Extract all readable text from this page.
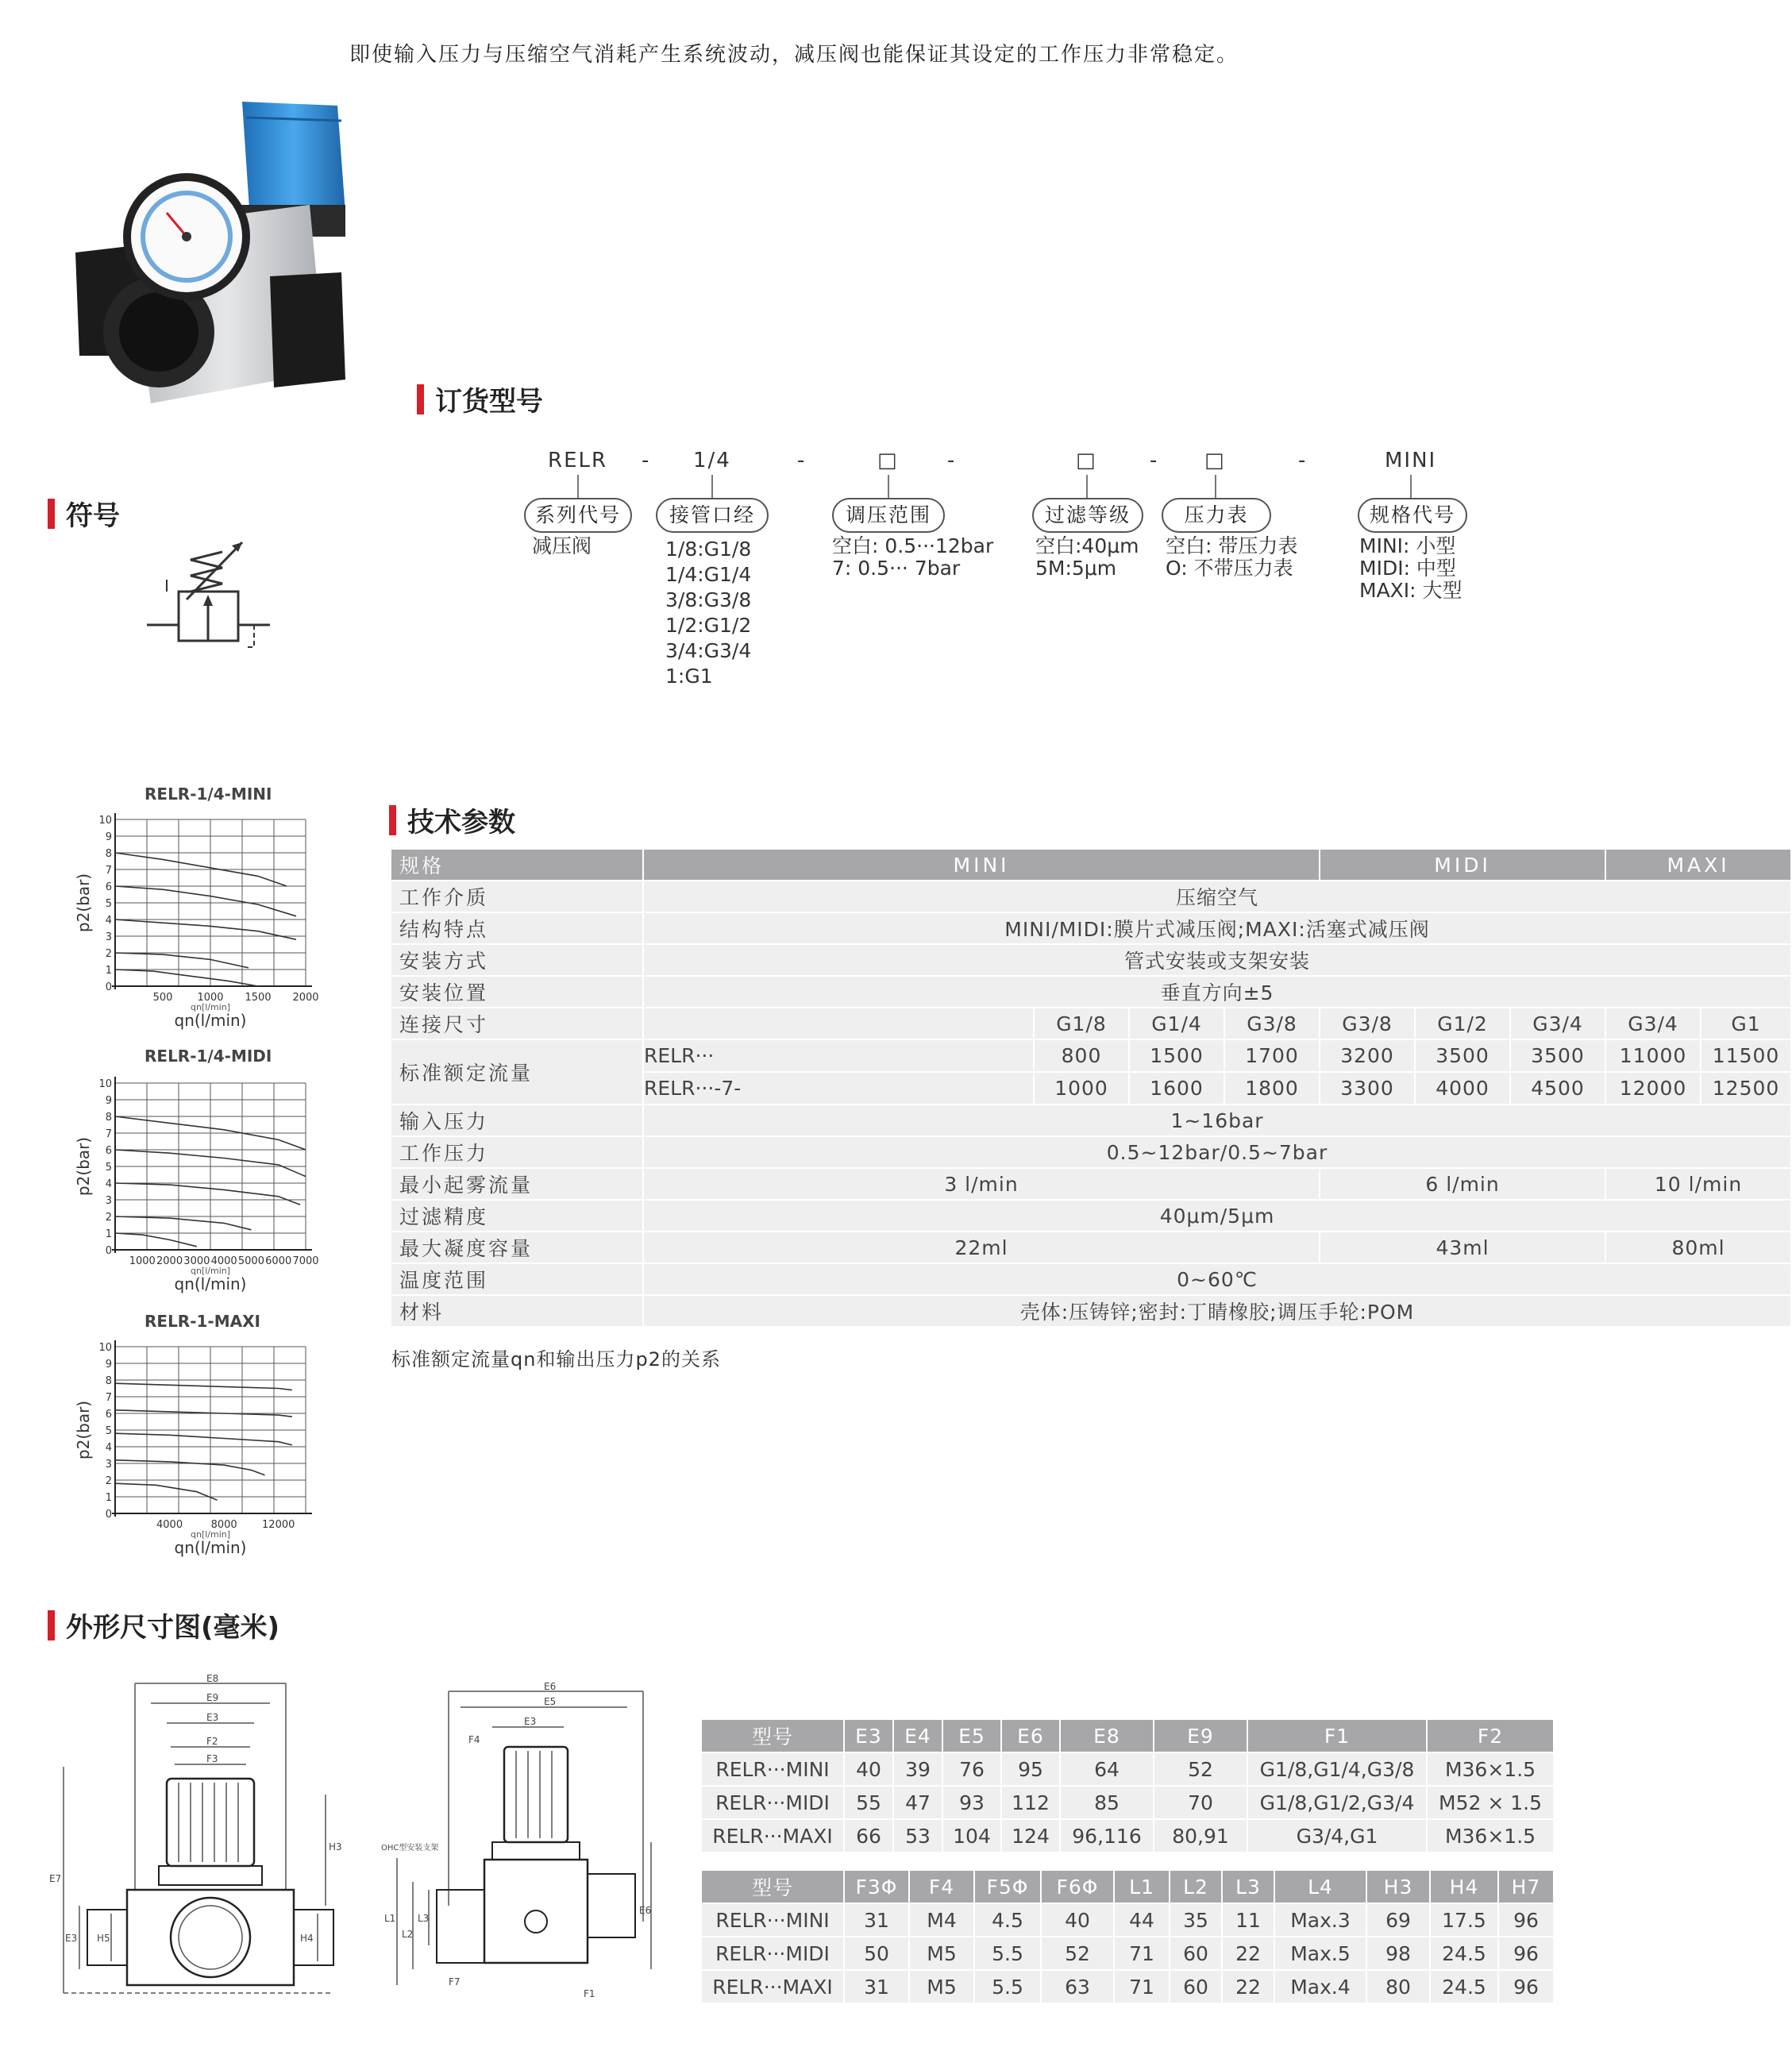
即使输入压力与压缩空气消耗产生系统波动，减压阀也能保证其设定的工作压力非常稳定。
订货型号
符号
RELR - 1/4	-	□ -	□	- □	-	MINI
系列代号	接管口经	调压范围	过滤等级	压力表	规格代号
减压阀	1/8:G1/8
1/4:G1/4
3/8:G3/8
1/2:G1/2
3/4:G3/4
1:G1
空白: 0.5···12bar
7: 0.5··· 7bar
空白:40μm
5M:5μm
空白: 带压力表
O: 不带压力表
MINI: 小型
MIDI: 中型
MAXI: 大型
技术参数
规格	MINI				MIDI			MAXI	
工作介质	压缩空气								
结构特点	MINI/MIDI:膜片式减压阀;MAXI:活塞式减压阀								
安装方式	管式安装或支架安装								
安装位置	垂直方向±5								
连接尺寸		G1/8	G1/4	G3/8	G3/8	G1/2	G3/4	G3/4	G1
标准额定流量	RELR···	800	1500	1700	3200	3500	3500	11000	11500
	RELR···-7-	1000	1600	1800	3300	4000	4500	12000	12500
输入压力	1~16bar								
工作压力	0.5~12bar/0.5~7bar								
最小起雾流量	3 l/min				6 l/min			10 l/min	
过滤精度	40μm/5μm								
最大凝度容量	22ml				43ml			80ml	
温度范围	0~60℃								
材料	壳体:压铸锌;密封:丁睛橡胶;调压手轮:POM								
标准额定流量qn和输出压力p2的关系
RELR-1/4-MINI
0
1
2
3
4
5
6
7
8
9
10
500 1000 1500 2000
qn[l/min]
qn(l/min)
p2(bar)
RELR-1/4-MIDI
0
1
2
3
4
5
6
7
8
9
10
1000 2000 3000 4000 5000 6000 7000
qn[l/min]
qn(l/min)
p2(bar)
RELR-1-MAXI
0
1
2
3
4
5
6
7
8
9
10
4000	8000 12000
qn[l/min]
qn(l/min)
p2(bar)
外形尺寸图(毫米)
E8
E9
E3
F2
F3
H3
E7
E3 H5	H4
E6
E5
E3
F4
L1
L2
L3
E6
F7
F1
OHC型安装支架
型号	E3	E4	E5	E6	E8	E9	F1	F2
RELR···MINI	40	39	76	95	64	52	G1/8,G1/4,G3/8	M36×1.5
RELR···MIDI	55	47	93	112	85	70	G1/8,G1/2,G3/4	M52 × 1.5
RELR···MAXI	66	53	104	124	96,116	80,91	G3/4,G1	M36×1.5
型号	F3Φ	F4	F5Φ	F6Φ	L1	L2	L3	L4	H3	H4	H7
RELR···MINI	31	M4	4.5	40	44	35	11	Max.3	69	17.5	96
RELR···MIDI	50	M5	5.5	52	71	60	22	Max.5	98	24.5	96
RELR···MAXI	31	M5	5.5	63	71	60	22	Max.4	80	24.5	96
